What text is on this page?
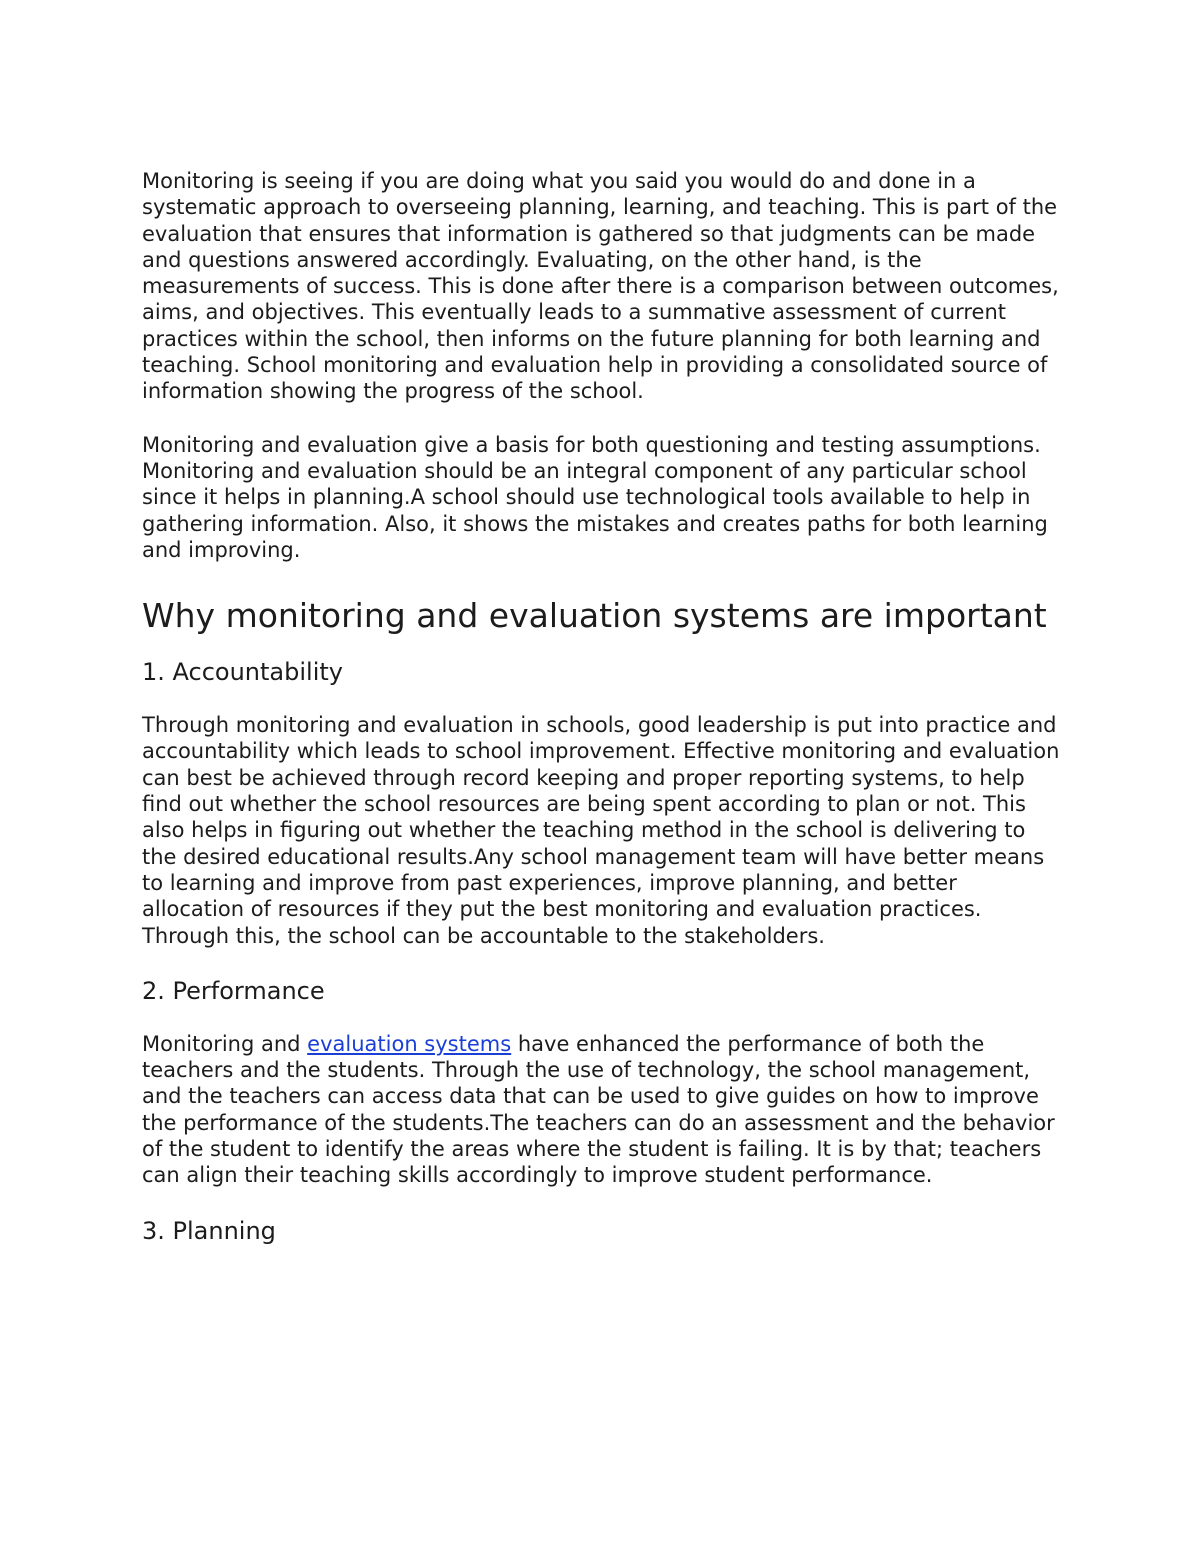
Monitoring is seeing if you are doing what you said you would do and done in a systematic approach to overseeing planning, learning, and teaching. This is part of the evaluation that ensures that information is gathered so that judgments can be made and questions answered accordingly. Evaluating, on the other hand, is the measurements of success. This is done after there is a comparison between outcomes, aims, and objectives. This eventually leads to a summative assessment of current practices within the school, then informs on the future planning for both learning and teaching. School monitoring and evaluation help in providing a consolidated source of information showing the progress of the school.

Monitoring and evaluation give a basis for both questioning and testing assumptions. Monitoring and evaluation should be an integral component of any particular school since it helps in planning.A school should use technological tools available to help in gathering information. Also, it shows the mistakes and creates paths for both learning and improving.

Why monitoring and evaluation systems are important
1. Accountability

Through monitoring and evaluation in schools, good leadership is put into practice and accountability which leads to school improvement. Effective monitoring and evaluation can best be achieved through record keeping and proper reporting systems, to help find out whether the school resources are being spent according to plan or not. This also helps in figuring out whether the teaching method in the school is delivering to the desired educational results.Any school management team will have better means to learning and improve from past experiences, improve planning, and better allocation of resources if they put the best monitoring and evaluation practices. Through this, the school can be accountable to the stakeholders.

2. Performance

Monitoring and evaluation systems have enhanced the performance of both the teachers and the students. Through the use of technology, the school management, and the teachers can access data that can be used to give guides on how to improve the performance of the students.The teachers can do an assessment and the behavior of the student to identify the areas where the student is failing. It is by that; teachers can align their teaching skills accordingly to improve student performance.

3. Planning
